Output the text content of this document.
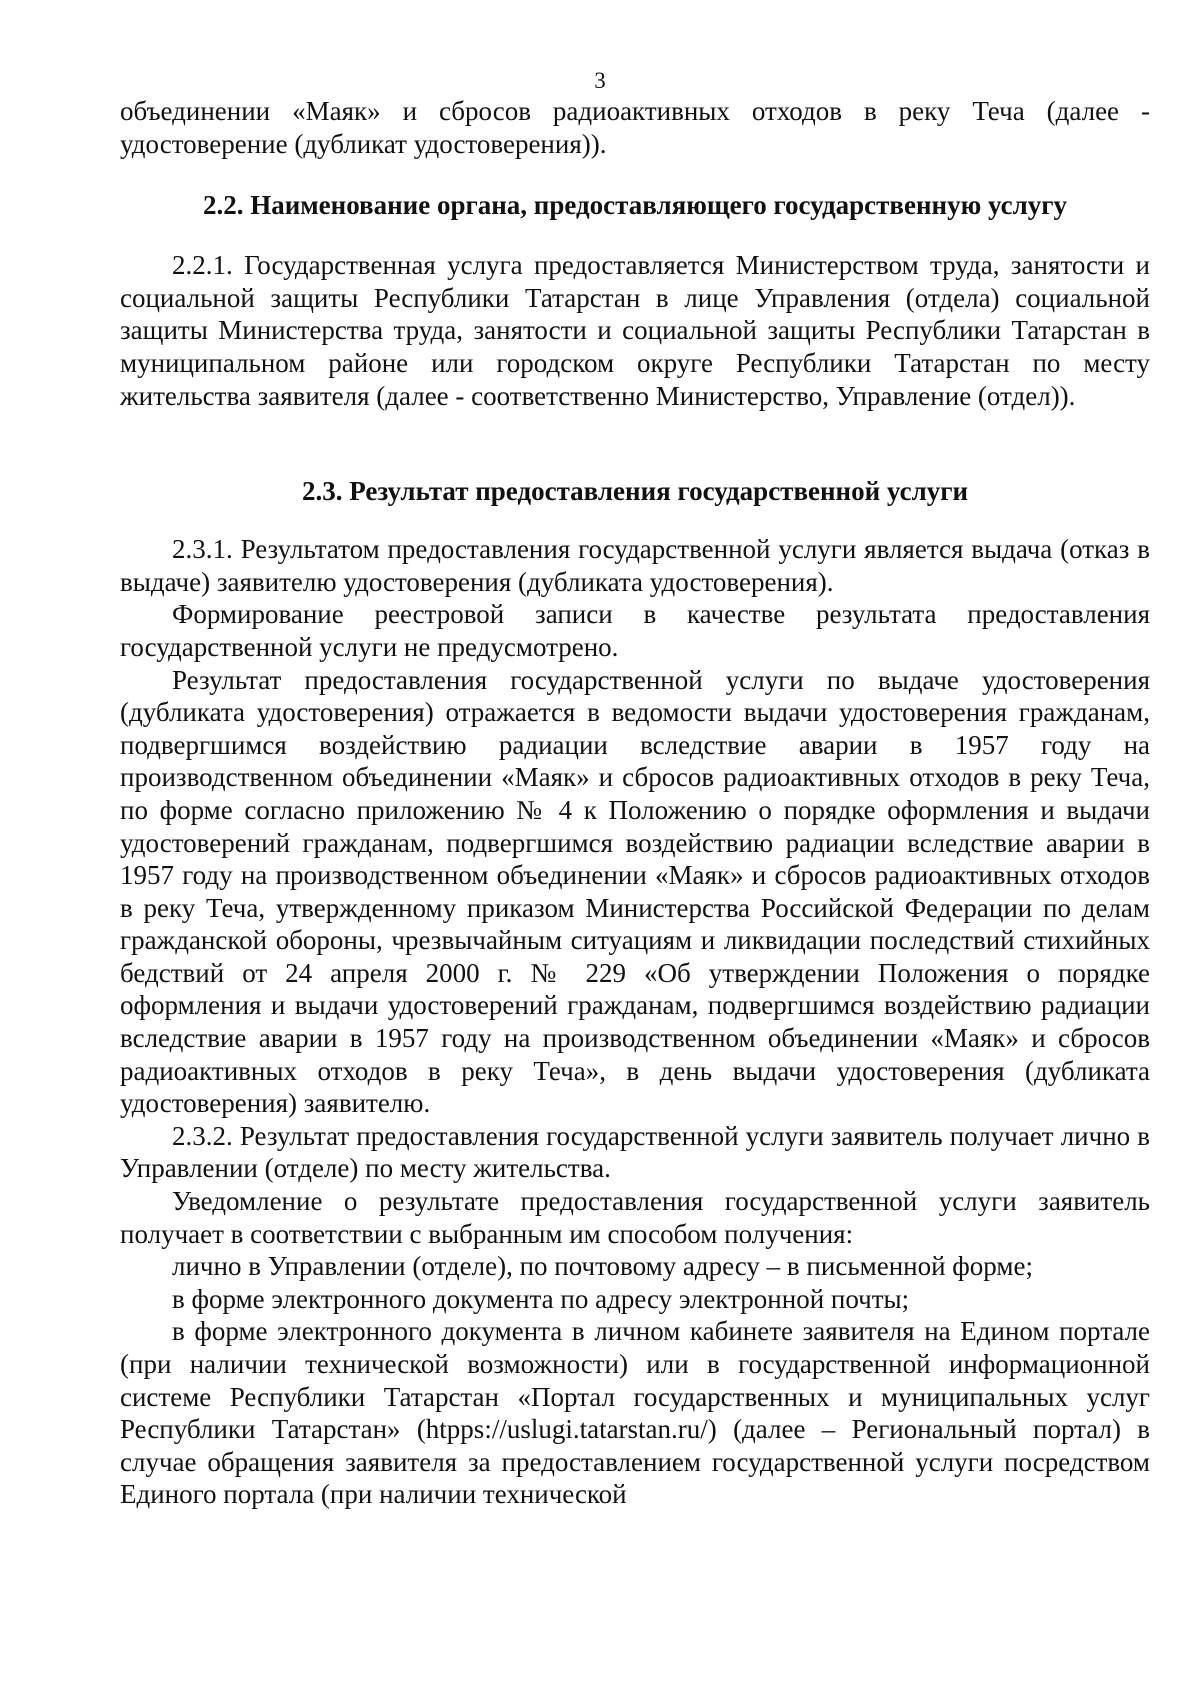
3

объединении «Маяк» и сбросов радиоактивных отходов в реку Теча (далее - удостоверение (дубликат удостоверения)).

2.2. Наименование органа, предоставляющего государственную услугу

2.2.1. Государственная услуга предоставляется Министерством труда, занятости и социальной защиты Республики Татарстан в лице Управления (отдела) социальной защиты Министерства труда, занятости и социальной защиты Республики Татарстан в муниципальном районе или городском округе Республики Татарстан по месту жительства заявителя (далее - соответственно Министерство, Управление (отдел)).

2.3. Результат предоставления государственной услуги

2.3.1. Результатом предоставления государственной услуги является выдача (отказ в выдаче) заявителю удостоверения (дубликата удостоверения).

Формирование реестровой записи в качестве результата предоставления государственной услуги не предусмотрено.

Результат предоставления государственной услуги по выдаче удостоверения (дубликата удостоверения) отражается в ведомости выдачи удостоверения гражданам, подвергшимся воздействию радиации вследствие аварии в 1957 году на производственном объединении «Маяк» и сбросов радиоактивных отходов в реку Теча, по форме согласно приложению № 4 к Положению о порядке оформления и выдачи удостоверений гражданам, подвергшимся воздействию радиации вследствие аварии в 1957 году на производственном объединении «Маяк» и сбросов радиоактивных отходов в реку Теча, утвержденному приказом Министерства Российской Федерации по делам гражданской обороны, чрезвычайным ситуациям и ликвидации последствий стихийных бедствий от 24 апреля 2000 г. № 229 «Об утверждении Положения о порядке оформления и выдачи удостоверений гражданам, подвергшимся воздействию радиации вследствие аварии в 1957 году на производственном объединении «Маяк» и сбросов радиоактивных отходов в реку Теча», в день выдачи удостоверения (дубликата удостоверения) заявителю.

2.3.2. Результат предоставления государственной услуги заявитель получает лично в Управлении (отделе) по месту жительства.

Уведомление о результате предоставления государственной услуги заявитель получает в соответствии с выбранным им способом получения:

лично в Управлении (отделе), по почтовому адресу – в письменной форме;

в форме электронного документа по адресу электронной почты;

в форме электронного документа в личном кабинете заявителя на Едином портале (при наличии технической возможности) или в государственной информационной системе Республики Татарстан «Портал государственных и муниципальных услуг Республики Татарстан» (htpps://uslugi.tatarstan.ru/) (далее – Региональный портал) в случае обращения заявителя за предоставлением государственной услуги посредством Единого портала (при наличии технической
